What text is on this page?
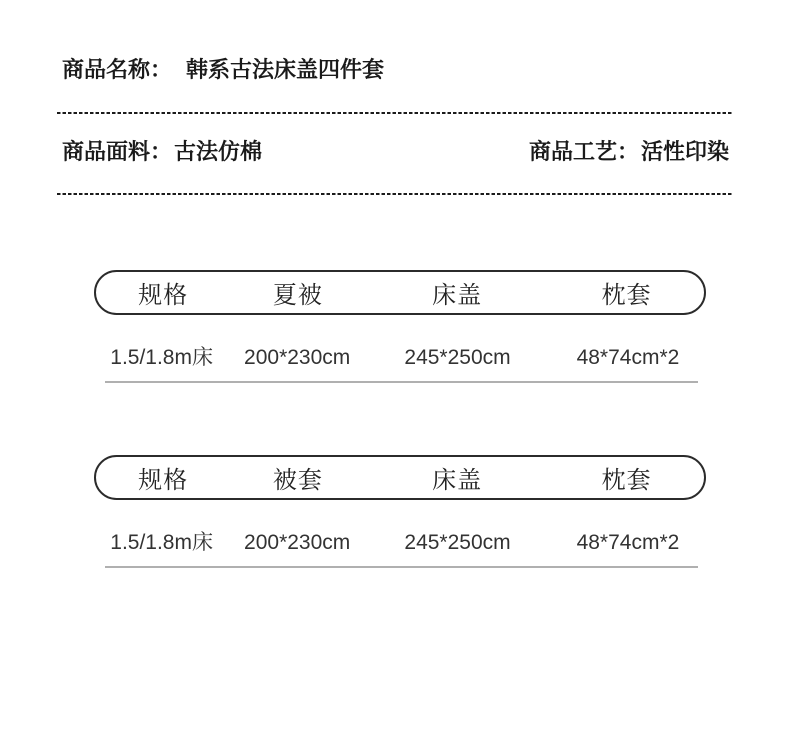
商品名称： 韩系古法床盖四件套
商品面料： 古法仿棉	商品工艺： 活性印染
规格	夏被	床盖	枕套
1.5/1.8m床	200*230cm	245*250cm	48*74cm*2
规格	被套	床盖	枕套
1.5/1.8m床	200*230cm	245*250cm	48*74cm*2
